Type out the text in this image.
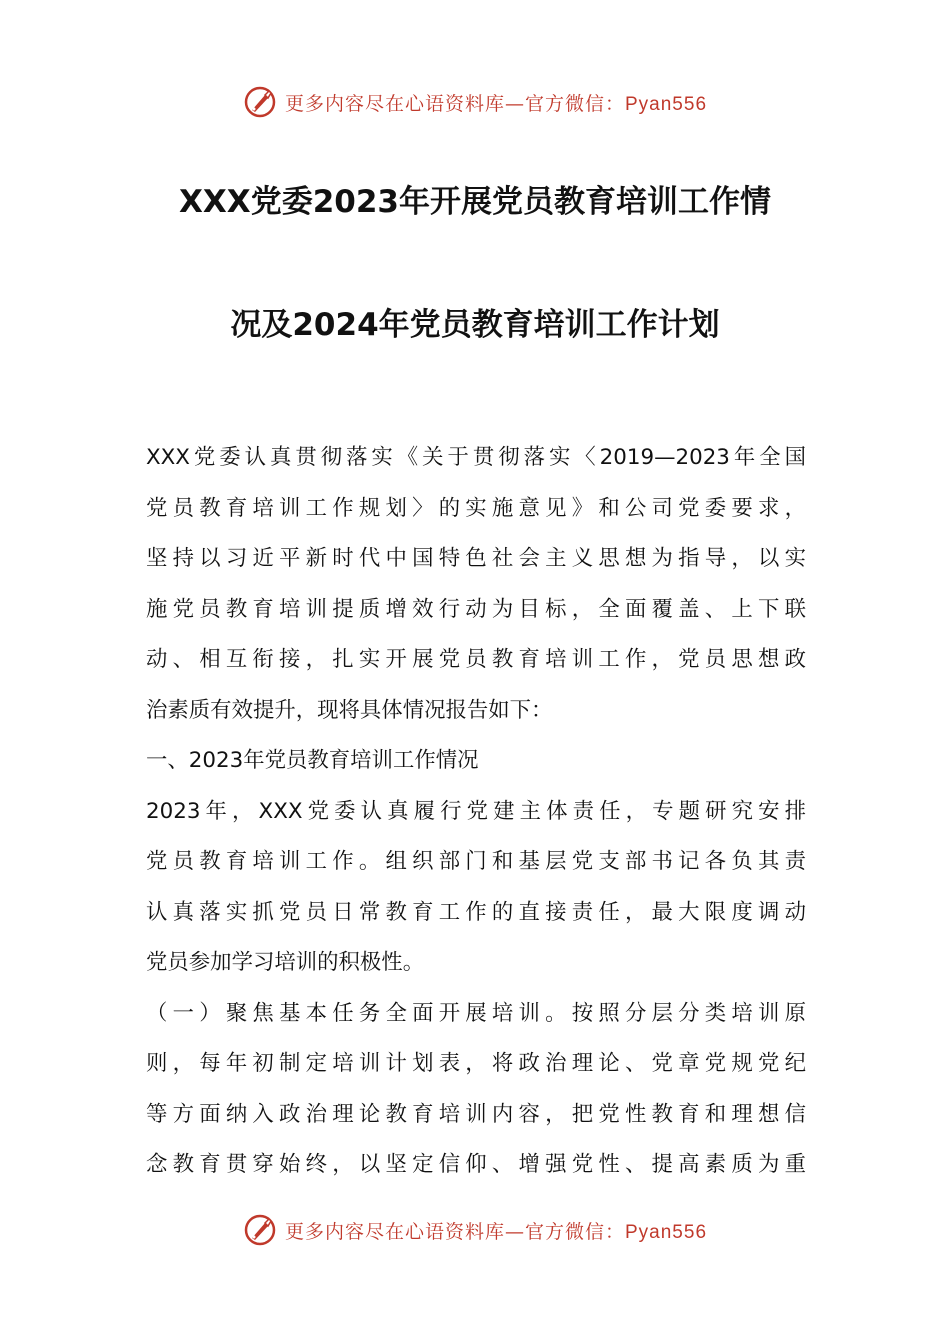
更多内容尽在心语资料库—官方微信：Pyan556
XXX党委2023年开展党员教育培训工作情
况及2024年党员教育培训工作计划
XXX党委认真贯彻落实《关于贯彻落实〈2019—2023年全国
党员教育培训工作规划〉的实施意见》和公司党委要求，
坚持以习近平新时代中国特色社会主义思想为指导，以实
施党员教育培训提质增效行动为目标，全面覆盖、上下联
动、相互衔接，扎实开展党员教育培训工作，党员思想政
治素质有效提升，现将具体情况报告如下：
一、2023年党员教育培训工作情况
2023年，XXX党委认真履行党建主体责任，专题研究安排
党员教育培训工作。组织部门和基层党支部书记各负其责
认真落实抓党员日常教育工作的直接责任，最大限度调动
党员参加学习培训的积极性。
（一）聚焦基本任务全面开展培训。按照分层分类培训原
则，每年初制定培训计划表，将政治理论、党章党规党纪
等方面纳入政治理论教育培训内容，把党性教育和理想信
念教育贯穿始终，以坚定信仰、增强党性、提高素质为重
更多内容尽在心语资料库—官方微信：Pyan556
